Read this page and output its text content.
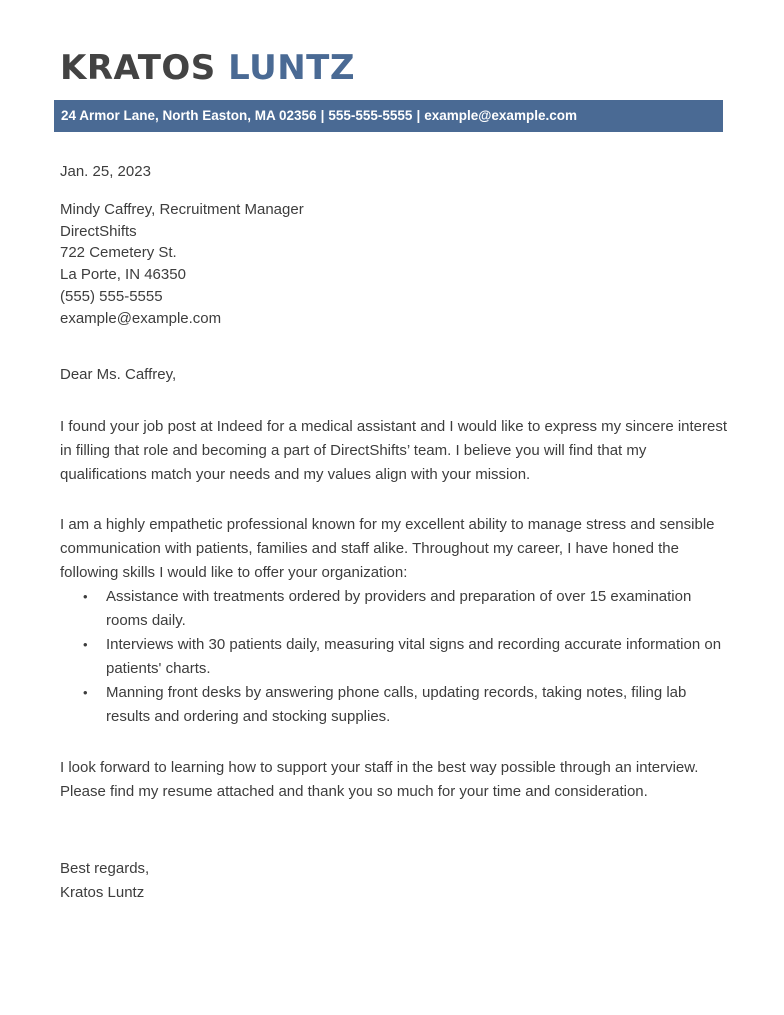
KRATOS LUNTZ
24 Armor Lane, North Easton, MA 02356 | 555-555-5555 | example@example.com
Jan. 25, 2023
Mindy Caffrey, Recruitment Manager
DirectShifts
722 Cemetery St.
La Porte, IN 46350
(555) 555-5555
example@example.com
Dear Ms. Caffrey,

I found your job post at Indeed for a medical assistant and I would like to express my sincere interest in filling that role and becoming a part of DirectShifts’ team. I believe you will find that my qualifications match your needs and my values align with your mission.

I am a highly empathetic professional known for my excellent ability to manage stress and sensible communication with patients, families and staff alike. Throughout my career, I have honed the following skills I would like to offer your organization:

• Assistance with treatments ordered by providers and preparation of over 15 examination rooms daily.
• Interviews with 30 patients daily, measuring vital signs and recording accurate information on patients' charts.
• Manning front desks by answering phone calls, updating records, taking notes, filing lab results and ordering and stocking supplies.

I look forward to learning how to support your staff in the best way possible through an interview. Please find my resume attached and thank you so much for your time and consideration.

Best regards,
Kratos Luntz
